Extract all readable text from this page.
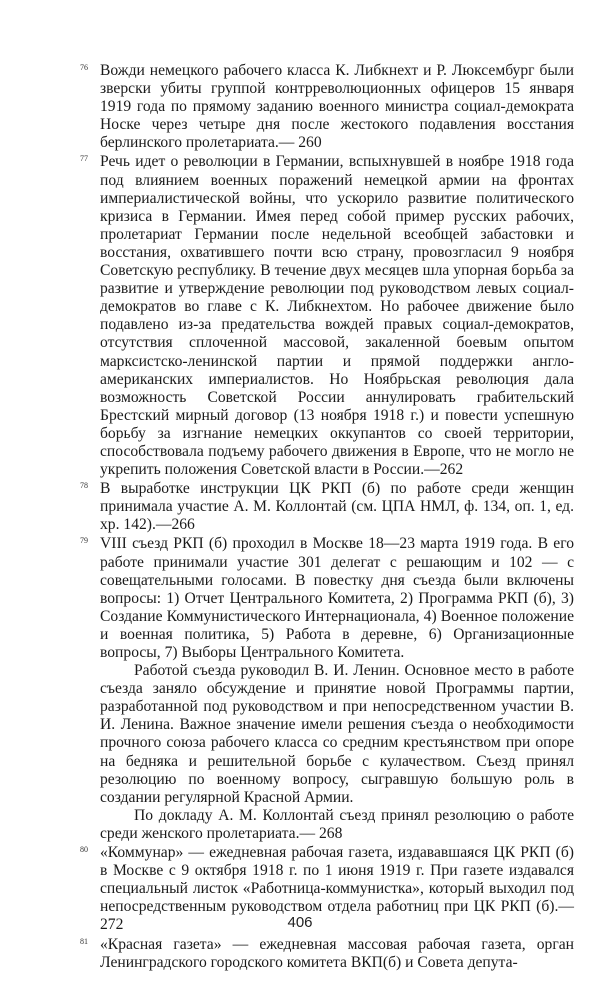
76 Вожди немецкого рабочего класса К. Либкнехт и Р. Люксембург были зверски убиты группой контрреволюционных офицеров 15 января 1919 года по прямому заданию военного министра социал-демократа Носке через четыре дня после жестокого подавления восстания берлинского пролетариата.— 260

77 Речь идет о революции в Германии, вспыхнувшей в ноябре 1918 года под влиянием военных поражений немецкой армии на фронтах империалистической войны, что ускорило развитие политического кризиса в Германии. Имея перед собой пример русских рабочих, пролетариат Германии после недельной всеобщей забастовки и восстания, охватившего почти всю страну, провозгласил 9 ноября Советскую республику. В течение двух месяцев шла упорная борьба за развитие и утверждение революции под руководством левых социал-демократов во главе с К. Либкнехтом. Но рабочее движение было подавлено из-за предательства вождей правых социал-демократов, отсутствия сплоченной массовой, закаленной боевым опытом марксистско-ленинской партии и прямой поддержки англо-американских империалистов. Но Ноябрьская революция дала возможность Советской России аннулировать грабительский Брестский мирный договор (13 ноября 1918 г.) и повести успешную борьбу за изгнание немецких оккупантов со своей территории, способствовала подъему рабочего движения в Европе, что не могло не укрепить положения Советской власти в России.—262

78 В выработке инструкции ЦК РКП (б) по работе среди женщин принимала участие А. М. Коллонтай (см. ЦПА НМЛ, ф. 134, оп. 1, ед. хр. 142).—266

79 VIII съезд РКП (б) проходил в Москве 18—23 марта 1919 года. В его работе принимали участие 301 делегат с решающим и 102 — с совещательными голосами. В повестку дня съезда были включены вопросы: 1) Отчет Центрального Комитета, 2) Программа РКП (б), 3) Создание Коммунистического Интернационала, 4) Военное положение и военная политика, 5) Работа в деревне, 6) Организационные вопросы, 7) Выборы Центрального Комитета.

Работой съезда руководил В. И. Ленин. Основное место в работе съезда заняло обсуждение и принятие новой Программы партии, разработанной под руководством и при непосредственном участии В. И. Ленина. Важное значение имели решения съезда о необходимости прочного союза рабочего класса со средним крестьянством при опоре на бедняка и решительной борьбе с кулачеством. Съезд принял резолюцию по военному вопросу, сыгравшую большую роль в создании регулярной Красной Армии.

По докладу А. М. Коллонтай съезд принял резолюцию о работе среди женского пролетариата.— 268

80 «Коммунар» — ежедневная рабочая газета, издававшаяся ЦК РКП (б) в Москве с 9 октября 1918 г. по 1 июня 1919 г. При газете издавался специальный листок «Работница-коммунистка», который выходил под непосредственным руководством отдела работниц при ЦК РКП (б).— 272

81 «Красная газета» — ежедневная массовая рабочая газета, орган Ленинградского городского комитета ВКП(б) и Совета депута-

406
